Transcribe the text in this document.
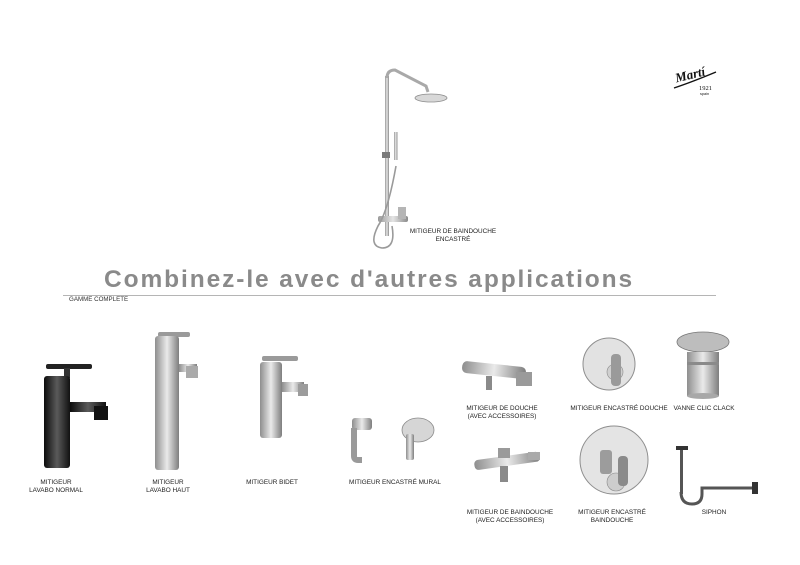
Martí
1921
spain
MITIGEUR DE BAINDOUCHE
ENCASTRÉ
Combinez-le avec d'autres applications
GAMME COMPLETE
MITIGEUR
LAVABO NORMAL
MITIGEUR
LAVABO HAUT
MITIGEUR BIDET	MITIGEUR ENCASTRÉ MURAL
MITIGEUR DE DOUCHE
(AVEC ACCESSOIRES)
MITIGEUR ENCASTRÉ DOUCHE VANNE CLIC CLACK
MITIGEUR DE BAINDOUCHE
(AVEC ACCESSOIRES)
MITIGEUR ENCASTRÉ
BAINDOUCHE
SIPHON
